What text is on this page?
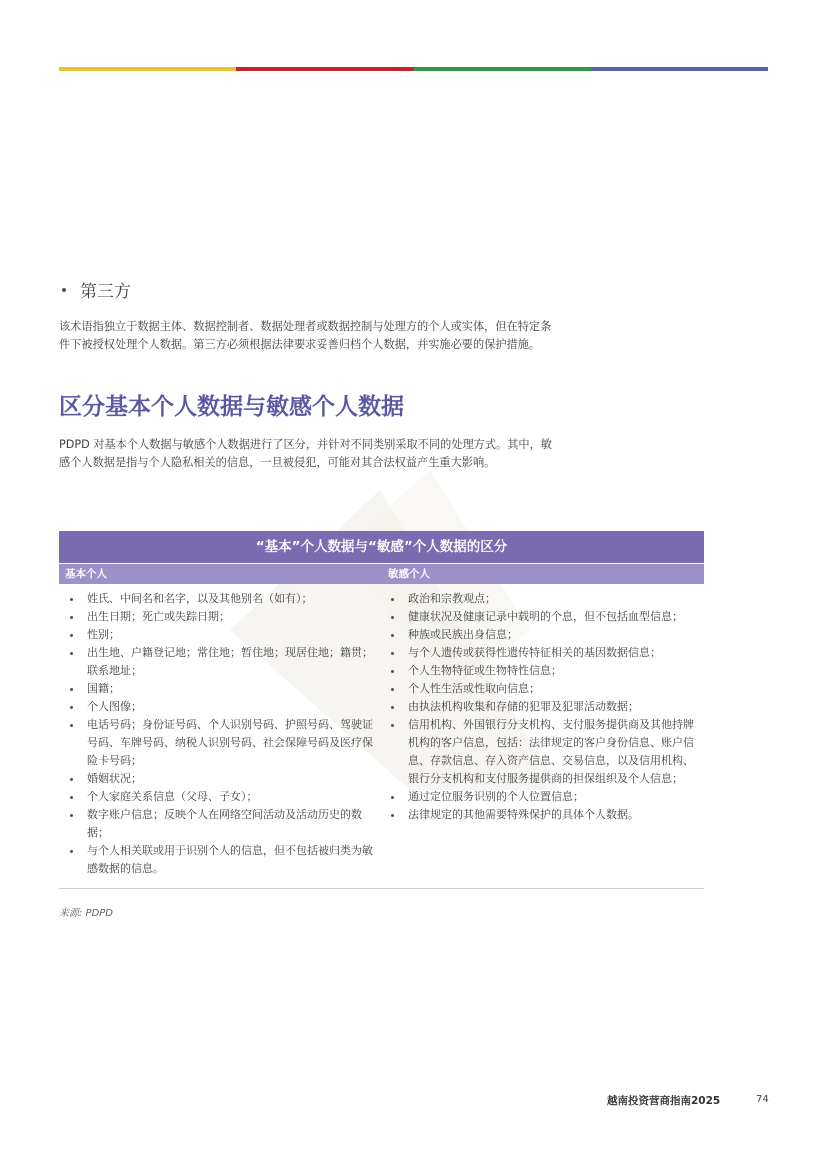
第三方

该术语指独立于数据主体、数据控制者、数据处理者或数据控制与处理方的个人或实体，但在特定条件下被授权处理个人数据。第三方必须根据法律要求妥善归档个人数据，并实施必要的保护措施。

区分基本个人数据与敏感个人数据

PDPD 对基本个人数据与敏感个人数据进行了区分，并针对不同类别采取不同的处理方式。其中，敏感个人数据是指与个人隐私相关的信息，一旦被侵犯，可能对其合法权益产生重大影响。

“基本”个人数据与“敏感”个人数据的区分
基本个人	敏感个人
姓氏、中间名和名字，以及其他别名（如有）；
出生日期；死亡或失踪日期；
性别；
出生地、户籍登记地；常住地；暂住地；现居住地；籍贯；联系地址；
国籍；
个人图像；
电话号码；身份证号码、个人识别号码、护照号码、驾驶证号码、车牌号码、纳税人识别号码、社会保障号码及医疗保险卡号码；
婚姻状况；
个人家庭关系信息（父母、子女）；
数字账户信息；反映个人在网络空间活动及活动历史的数据；
与个人相关联或用于识别个人的信息，但不包括被归类为敏感数据的信息。
政治和宗教观点；
健康状况及健康记录中载明的个息，但不包括血型信息；
种族或民族出身信息；
与个人遗传或获得性遗传特征相关的基因数据信息；
个人生物特征或生物特性信息；
个人性生活或性取向信息；
由执法机构收集和存储的犯罪及犯罪活动数据；
信用机构、外国银行分支机构、支付服务提供商及其他持牌机构的客户信息，包括：法律规定的客户身份信息、账户信息、存款信息、存入资产信息、交易信息，以及信用机构、银行分支机构和支付服务提供商的担保组织及个人信息；
通过定位服务识别的个人位置信息；
法律规定的其他需要特殊保护的具体个人数据。
来源: PDPD
越南投资营商指南2025	74
